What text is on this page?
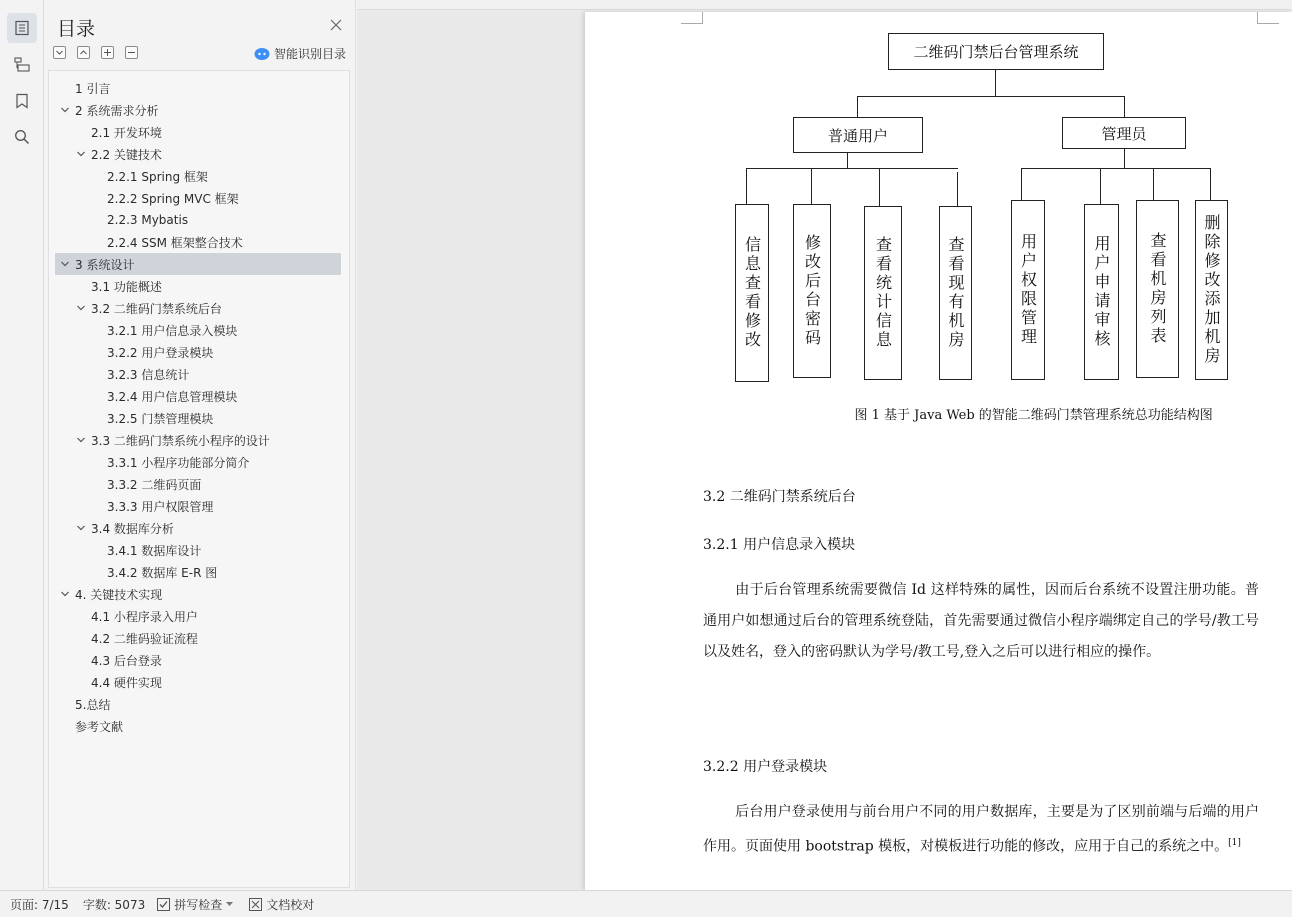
目录
智能识别目录
1 引言
2 系统需求分析
2.1 开发环境
2.2 关键技术
2.2.1 Spring 框架
2.2.2 Spring MVC 框架
2.2.3 Mybatis
2.2.4 SSM 框架整合技术
3 系统设计
3.1 功能概述
3.2 二维码门禁系统后台
3.2.1 用户信息录入模块
3.2.2 用户登录模块
3.2.3 信息统计
3.2.4 用户信息管理模块
3.2.5 门禁管理模块
3.3 二维码门禁系统小程序的设计
3.3.1 小程序功能部分简介
3.3.2 二维码页面
3.3.3 用户权限管理
3.4 数据库分析
3.4.1 数据库设计
3.4.2 数据库 E-R 图
4. 关键技术实现
4.1 小程序录入用户
4.2 二维码验证流程
4.3 后台登录
4.4 硬件实现
5.总结
参考文献
二维码门禁后台管理系统
普通用户	管理员
信息查看修改	修改后台密码	查看统计信息	查看现有机房	用户权限管理	用户申请审核	查看机房列表	删除修改添加机房
图 1 基于 Java Web 的智能二维码门禁管理系统总功能结构图
3.2 二维码门禁系统后台
3.2.1 用户信息录入模块
由于后台管理系统需要微信 Id 这样特殊的属性，因而后台系统不设置注册功能。普通用户如想通过后台的管理系统登陆，首先需要通过微信小程序端绑定自己的学号/教工号以及姓名，登入的密码默认为学号/教工号,登入之后可以进行相应的操作。
3.2.2 用户登录模块
后台用户登录使用与前台用户不同的用户数据库，主要是为了区别前端与后端的用户作用。页面使用 bootstrap 模板，对模板进行功能的修改，应用于自己的系统之中。[1]
页面: 7/15 字数: 5073 拼写检查	文档校对
